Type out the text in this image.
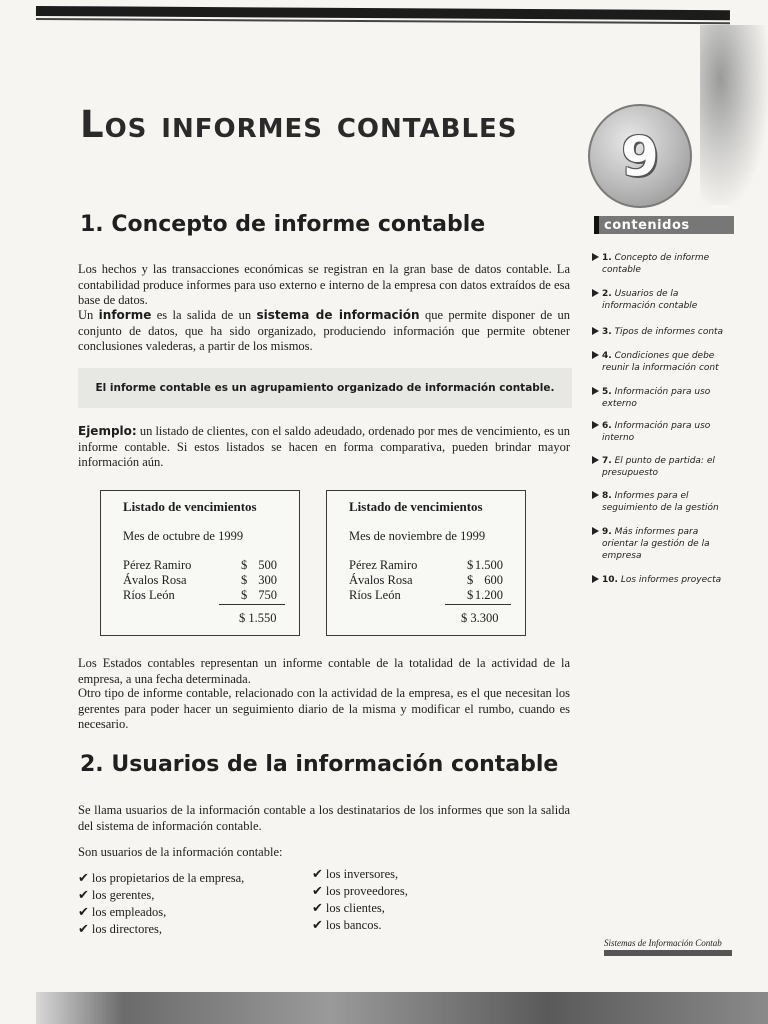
Los informes contables	9
1. Concepto de informe contable

Los hechos y las transacciones económicas se registran en la gran base de datos contable. La contabilidad produce informes para uso externo e interno de la empresa con datos extraídos de esa base de datos.

Un informe es la salida de un sistema de información que permite disponer de un conjunto de datos, que ha sido organizado, produciendo información que permite obtener conclusiones valederas, a partir de los mismos.

El informe contable es un agrupamiento organizado de información contable.

Ejemplo: un listado de clientes, con el saldo adeudado, ordenado por mes de vencimiento, es un informe contable. Si estos listados se hacen en forma comparativa, pueden brindar mayor información aún.

Listado de vencimientos
Mes de octubre de 1999
Pérez Ramiro	$ 500
Ávalos Rosa	$ 300
Ríos León	$ 750
$ 1.550
Listado de vencimientos
Mes de noviembre de 1999
Pérez Ramiro	$ 1.500
Ávalos Rosa	$ 600
Ríos León	$ 1.200
$ 3.300

Los Estados contables representan un informe contable de la totalidad de la actividad de la empresa, a una fecha determinada.

Otro tipo de informe contable, relacionado con la actividad de la empresa, es el que necesitan los gerentes para poder hacer un seguimiento diario de la misma y modificar el rumbo, cuando es necesario.

2. Usuarios de la información contable

Se llama usuarios de la información contable a los destinatarios de los informes que son la salida del sistema de información contable.

Son usuarios de la información contable:

✔ los propietarios de la empresa,
✔ los gerentes,
✔ los empleados,
✔ los directores,
✔ los inversores,
✔ los proveedores,
✔ los clientes,
✔ los bancos.
contenidos
1. Concepto de informe contable
2. Usuarios de la información contable
3. Tipos de informes conta
4. Condiciones que debe reunir la información cont
5. Información para uso externo
6. Información para uso interno
7. El punto de partida: el presupuesto
8. Informes para el seguimiento de la gestión
9. Más informes para orientar la gestión de la empresa
10. Los informes proyecta
Sistemas de Información Contab
